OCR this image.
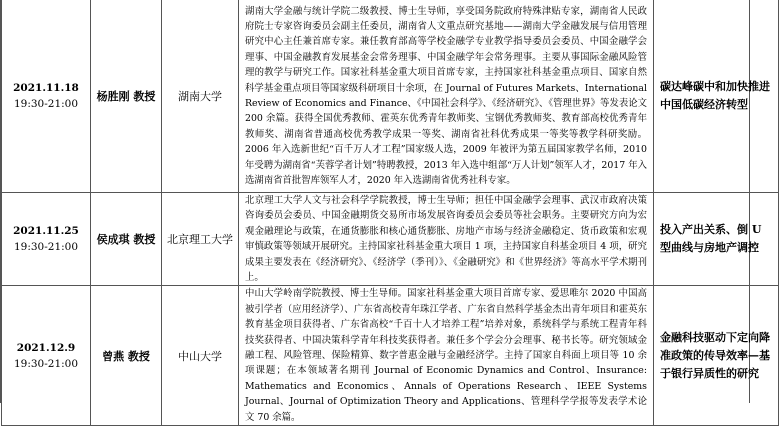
2021.11.18
19:30-21:00	杨胜刚 教授	湖南大学	湖南大学金融与统计学院二级教授、博士生导师，享受国务院政府特殊津贴专家，湖南省人民政府院士专家咨询委员会副主任委员，湖南省人文重点研究基地——湖南大学金融发展与信用管理研究中心主任兼首席专家。兼任教育部高等学校金融学专业教学指导委员会委员、中国金融学会理事、中国金融教育发展基金会常务理事、中国金融学年会常务理事。主要从事国际金融风险管理的教学与研究工作。国家社科基金重大项目首席专家，主持国家社科基金重点项目、国家自然科学基金重点项目等国家级科研项目十余项，在 Journal of Futures Markets、International Review of Economics and Finance、《中国社会科学》、《经济研究》、《管理世界》等发表论文 200 余篇。获得全国优秀教师、霍英东优秀青年教师奖、宝钢优秀教师奖、教育部高校优秀青年教师奖、湖南省普通高校优秀教学成果一等奖、湖南省社科优秀成果一等奖等教学科研奖励。2006 年入选新世纪“百千万人才工程”国家级人选，2009 年被评为第五届国家教学名师，2010 年受聘为湖南省“芙蓉学者计划”特聘教授，2013 年入选中组部“万人计划”领军人才，2017 年入选湖南省首批智库领军人才，2020 年入选湖南省优秀社科专家。	碳达峰碳中和加快推进中国低碳经济转型

2021.11.25
19:30-21:00	侯成琪 教授	北京理工大学	北京理工大学人文与社会科学学院教授，博士生导师；担任中国金融学会理事、武汉市政府决策咨询委员会委员、中国金融期货交易所市场发展咨询委员会委员等社会职务。主要研究方向为宏观金融理论与政策，在通货膨胀和核心通货膨胀、房地产市场与经济金融稳定、货币政策和宏观审慎政策等领域开展研究。主持国家社科基金重大项目 1 项，主持国家自科基金项目 4 项，研究成果主要发表在《经济研究》、《经济学（季刊）》、《金融研究》和《世界经济》等高水平学术期刊上。	投入产出关系、倒 U 型曲线与房地产调控

2021.12.9
19:30-21:00	曾燕 教授	中山大学	中山大学岭南学院教授、博士生导师。国家社科基金重大项目首席专家、爱思唯尔 2020 中国高被引学者（应用经济学）、广东省高校青年珠江学者、广东省自然科学基金杰出青年项目和霍英东教育基金项目获得者、广东省高校“千百十人才培养工程”培养对象，系统科学与系统工程青年科技奖获得者、中国决策科学青年科技奖获得者。兼任多个学会分会理事、秘书长等。研究领域金融工程、风险管理、保险精算、数字普惠金融与金融经济学。主持了国家自科面上项目等 10 余项课题；在本领域著名期刊 Journal of Economic Dynamics and Control、Insurance: Mathematics and Economics、Annals of Operations Research、IEEE Systems Journal、Journal of Optimization Theory and Applications、管理科学学报等发表学术论文 70 余篇。	金融科技驱动下定向降准政策的传导效率—基于银行异质性的研究
